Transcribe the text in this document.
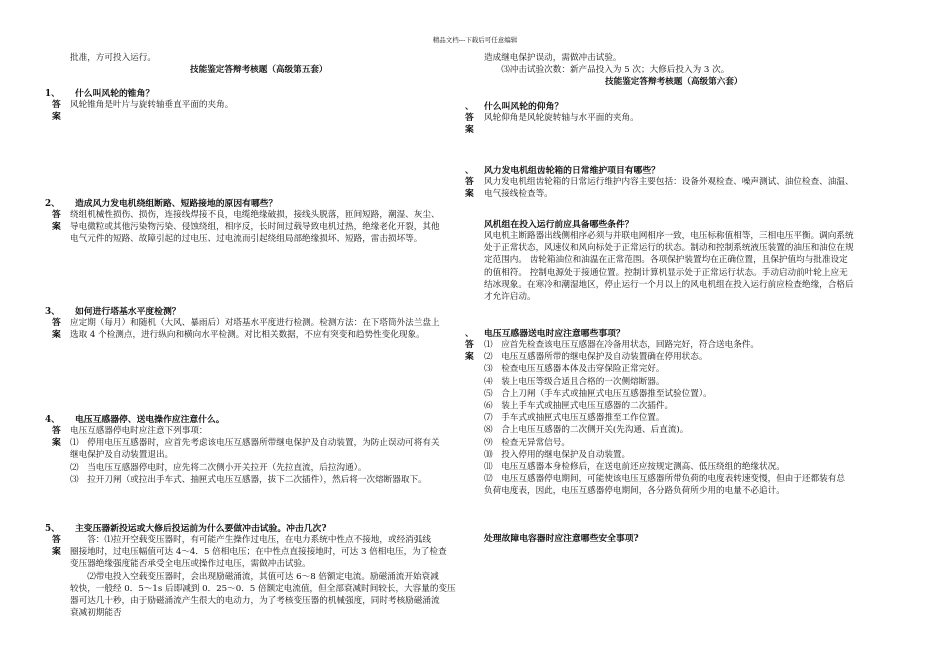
精品文档---下载后可任意编辑
批准，方可投入运行。
技能鉴定答辩考核题（高级第五套）
1、 什么叫风轮的锥角？
答
案
风轮锥角是叶片与旋转轴垂直平面的夹角。
2、 造成风力发电机绕组断路、短路接地的原因有哪些？
答
案
绕组机械性损伤、损伤，连接线焊接不良，电缆绝缘破损，接线头脱落，匝间短路，潮湿、灰尘、
导电微粒或其他污染物污染、侵蚀绕组，相序反，长时间过载导致电机过热，绝缘老化开裂，其他
电气元件的短路、故障引起的过电压、过电流而引起绕组局部绝缘损坏、短路，雷击损坏等。
3、 如何进行塔基水平度检测？
答
案
应定期（每月）和随机（大风、暴雨后）对塔基水平度进行检测。检测方法：在下塔筒外法兰盘上
选取 4 个检测点，进行纵向和横向水平检测。对比相关数据，不应有突变和趋势性变化现象。
4、 电压互感器停、送电操作应注意什么。
答
案
电压互感器停电时应注意下列事项：
⑴　停用电压互感器时，应首先考虑该电压互感器所带继电保护及自动装置，为防止误动可将有关
继电保护及自动装置退出。
⑵　当电压互感器停电时，应先将二次侧小开关拉开（先拉直流，后拉沟通）。
⑶　拉开刀闸（或拉出手车式、抽匣式电压互感器，拔下二次插件），然后将一次熔断器取下。
5、 主变压器新投运或大修后投运前为什么要做冲击试验。冲击几次?
答
案
　　答：⑴拉开空载变压器时，有可能产生操作过电压，在电力系统中性点不接地，或经消弧线
圈接地时，过电压幅值可达 4～4．5 倍相电压；在中性点直接接地时，可达 3 倍相电压，为了检查
变压器绝缘强度能否承受全电压或操作过电压，需做冲击试验。
　　⑵带电投入空载变压器时，会出现励磁涌流，其值可达 6～8 倍额定电流。励磁涌流开始衰减
较快，一般经 0．5～1s 后即减到 0．25～0．5 倍额定电流值，但全部衰减时间较长，大容量的变压
器可达几十秒，由于励磁涌流产生很大的电动力，为了考核变压器的机械强度，同时考核励磁涌流
衰减初期能否
造成继电保护误动，需做冲击试验。
　　⑶冲击试验次数：新产品投入为 5 次；大修后投入为 3 次。
技能鉴定答辩考核题（高级第六套）
、 什么叫风轮的仰角？
答
案
风轮仰角是风轮旋转轴与水平面的夹角。
、 风力发电机组齿轮箱的日常维护项目有哪些？
答
案
风力发电机组齿轮箱的日常运行维护内容主要包括：设备外观检查、噪声测试、油位检查、油温、
电气接线检查等。
风机组在投入运行前应具备哪些条件？
风电机主断路器出线侧相序必须与并联电网相序一致，电压标称值相等，三相电压平衡。调向系统
处于正常状态，风速仪和风向标处于正常运行的状态。制动和控制系统液压装置的油压和油位在规
定范围内。 齿轮箱油位和油温在正常范围。各项保护装置均在正确位置，且保护值均与批准设定
的值相符。 控制电源处于接通位置。控制计算机显示处于正常运行状态。手动启动前叶轮上应无
结冰现象。在寒冷和潮湿地区，停止运行一个月以上的风电机组在投入运行前应检查绝缘，合格后
才允许启动。
、 电压互感器送电时应注意哪些事项？
答
案
⑴　应首先检查该电压互感器在冷备用状态，回路完好，符合送电条件。
⑵　电压互感器所带的继电保护及自动装置确在停用状态。
⑶　检查电压互感器本体及击穿保险正常完好。
⑷　装上电压等级合适且合格的一次侧熔断器。
⑸　合上刀闸（手车式或抽匣式电压互感器推至试验位置）。
⑹　装上手车式或抽匣式电压互感器的二次插件。
⑺　手车式或抽匣式电压互感器推至工作位置。
⑻　合上电压互感器的二次侧开关(先沟通、后直流)。
⑼　检查无异常信号。
⑽　投入停用的继电保护及自动装置。
⑾　电压互感器本身检修后，在送电前还应按规定测高、低压绕组的绝缘状况。
⑿　电压互感器停电期间，可能使该电压互感器所带负荷的电度表转速变慢，但由于还都装有总
负荷电度表，因此，电压互感器停电期间，各分路负荷所少用的电量不必追计。
处理故障电容器时应注意哪些安全事项?
